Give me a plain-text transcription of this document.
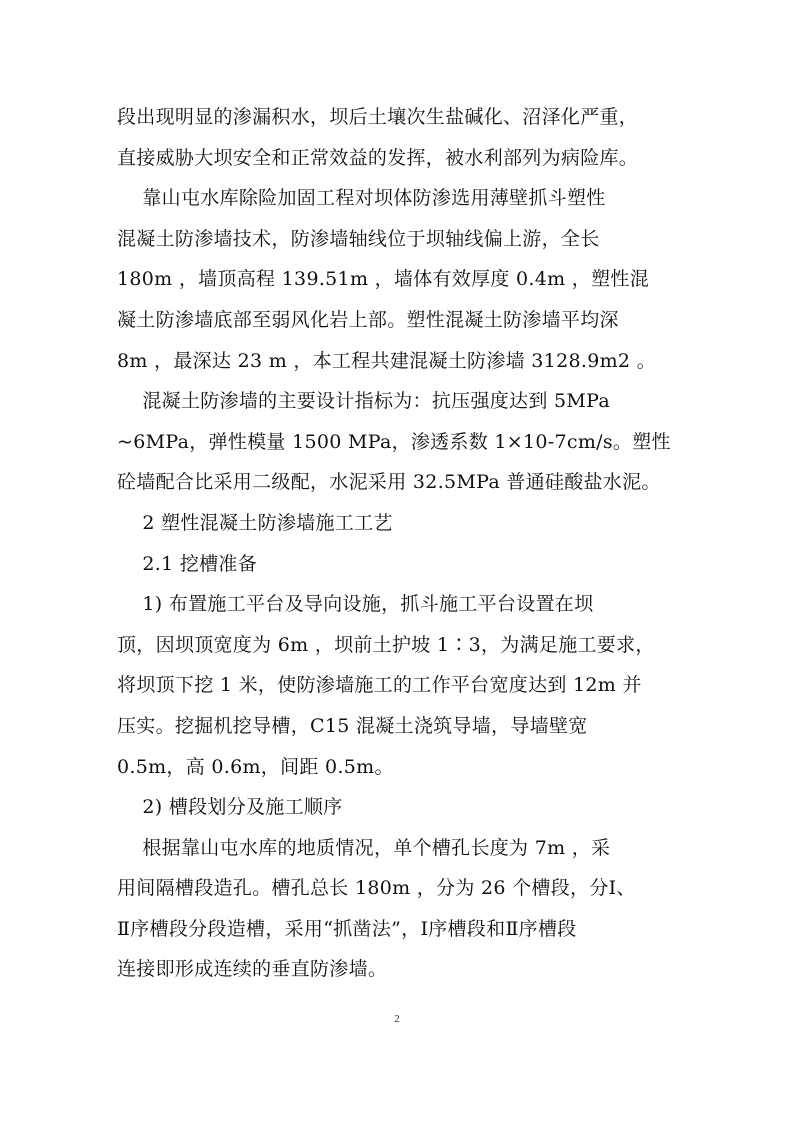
段出现明显的渗漏积水，坝后土壤次生盐碱化、沼泽化严重，
直接威胁大坝安全和正常效益的发挥，被水利部列为病险库。
靠山屯水库除险加固工程对坝体防渗选用薄壁抓斗塑性
混凝土防渗墙技术，防渗墙轴线位于坝轴线偏上游，全长
180m ，墙顶高程 139.51m ，墙体有效厚度 0.4m ，塑性混
凝土防渗墙底部至弱风化岩上部。塑性混凝土防渗墙平均深
8m ，最深达 23 m ，本工程共建混凝土防渗墙 3128.9m2 。
混凝土防渗墙的主要设计指标为：抗压强度达到 5MPa
~6MPa，弹性模量 1500 MPa，渗透系数 1×10-7cm/s。塑性
砼墙配合比采用二级配，水泥采用 32.5MPa 普通硅酸盐水泥。
2 塑性混凝土防渗墙施工工艺
2.1 挖槽准备
1) 布置施工平台及导向设施，抓斗施工平台设置在坝
顶，因坝顶宽度为 6m ，坝前土护坡 1∶3，为满足施工要求，
将坝顶下挖 1 米，使防渗墙施工的工作平台宽度达到 12m 并
压实。挖掘机挖导槽，C15 混凝土浇筑导墙，导墙壁宽
0.5m，高 0.6m，间距 0.5m。
2) 槽段划分及施工顺序
根据靠山屯水库的地质情况，单个槽孔长度为 7m ，采
用间隔槽段造孔。槽孔总长 180m ，分为 26 个槽段，分Ⅰ、
Ⅱ序槽段分段造槽，采用“抓凿法”，Ⅰ序槽段和Ⅱ序槽段
连接即形成连续的垂直防渗墙。
2
